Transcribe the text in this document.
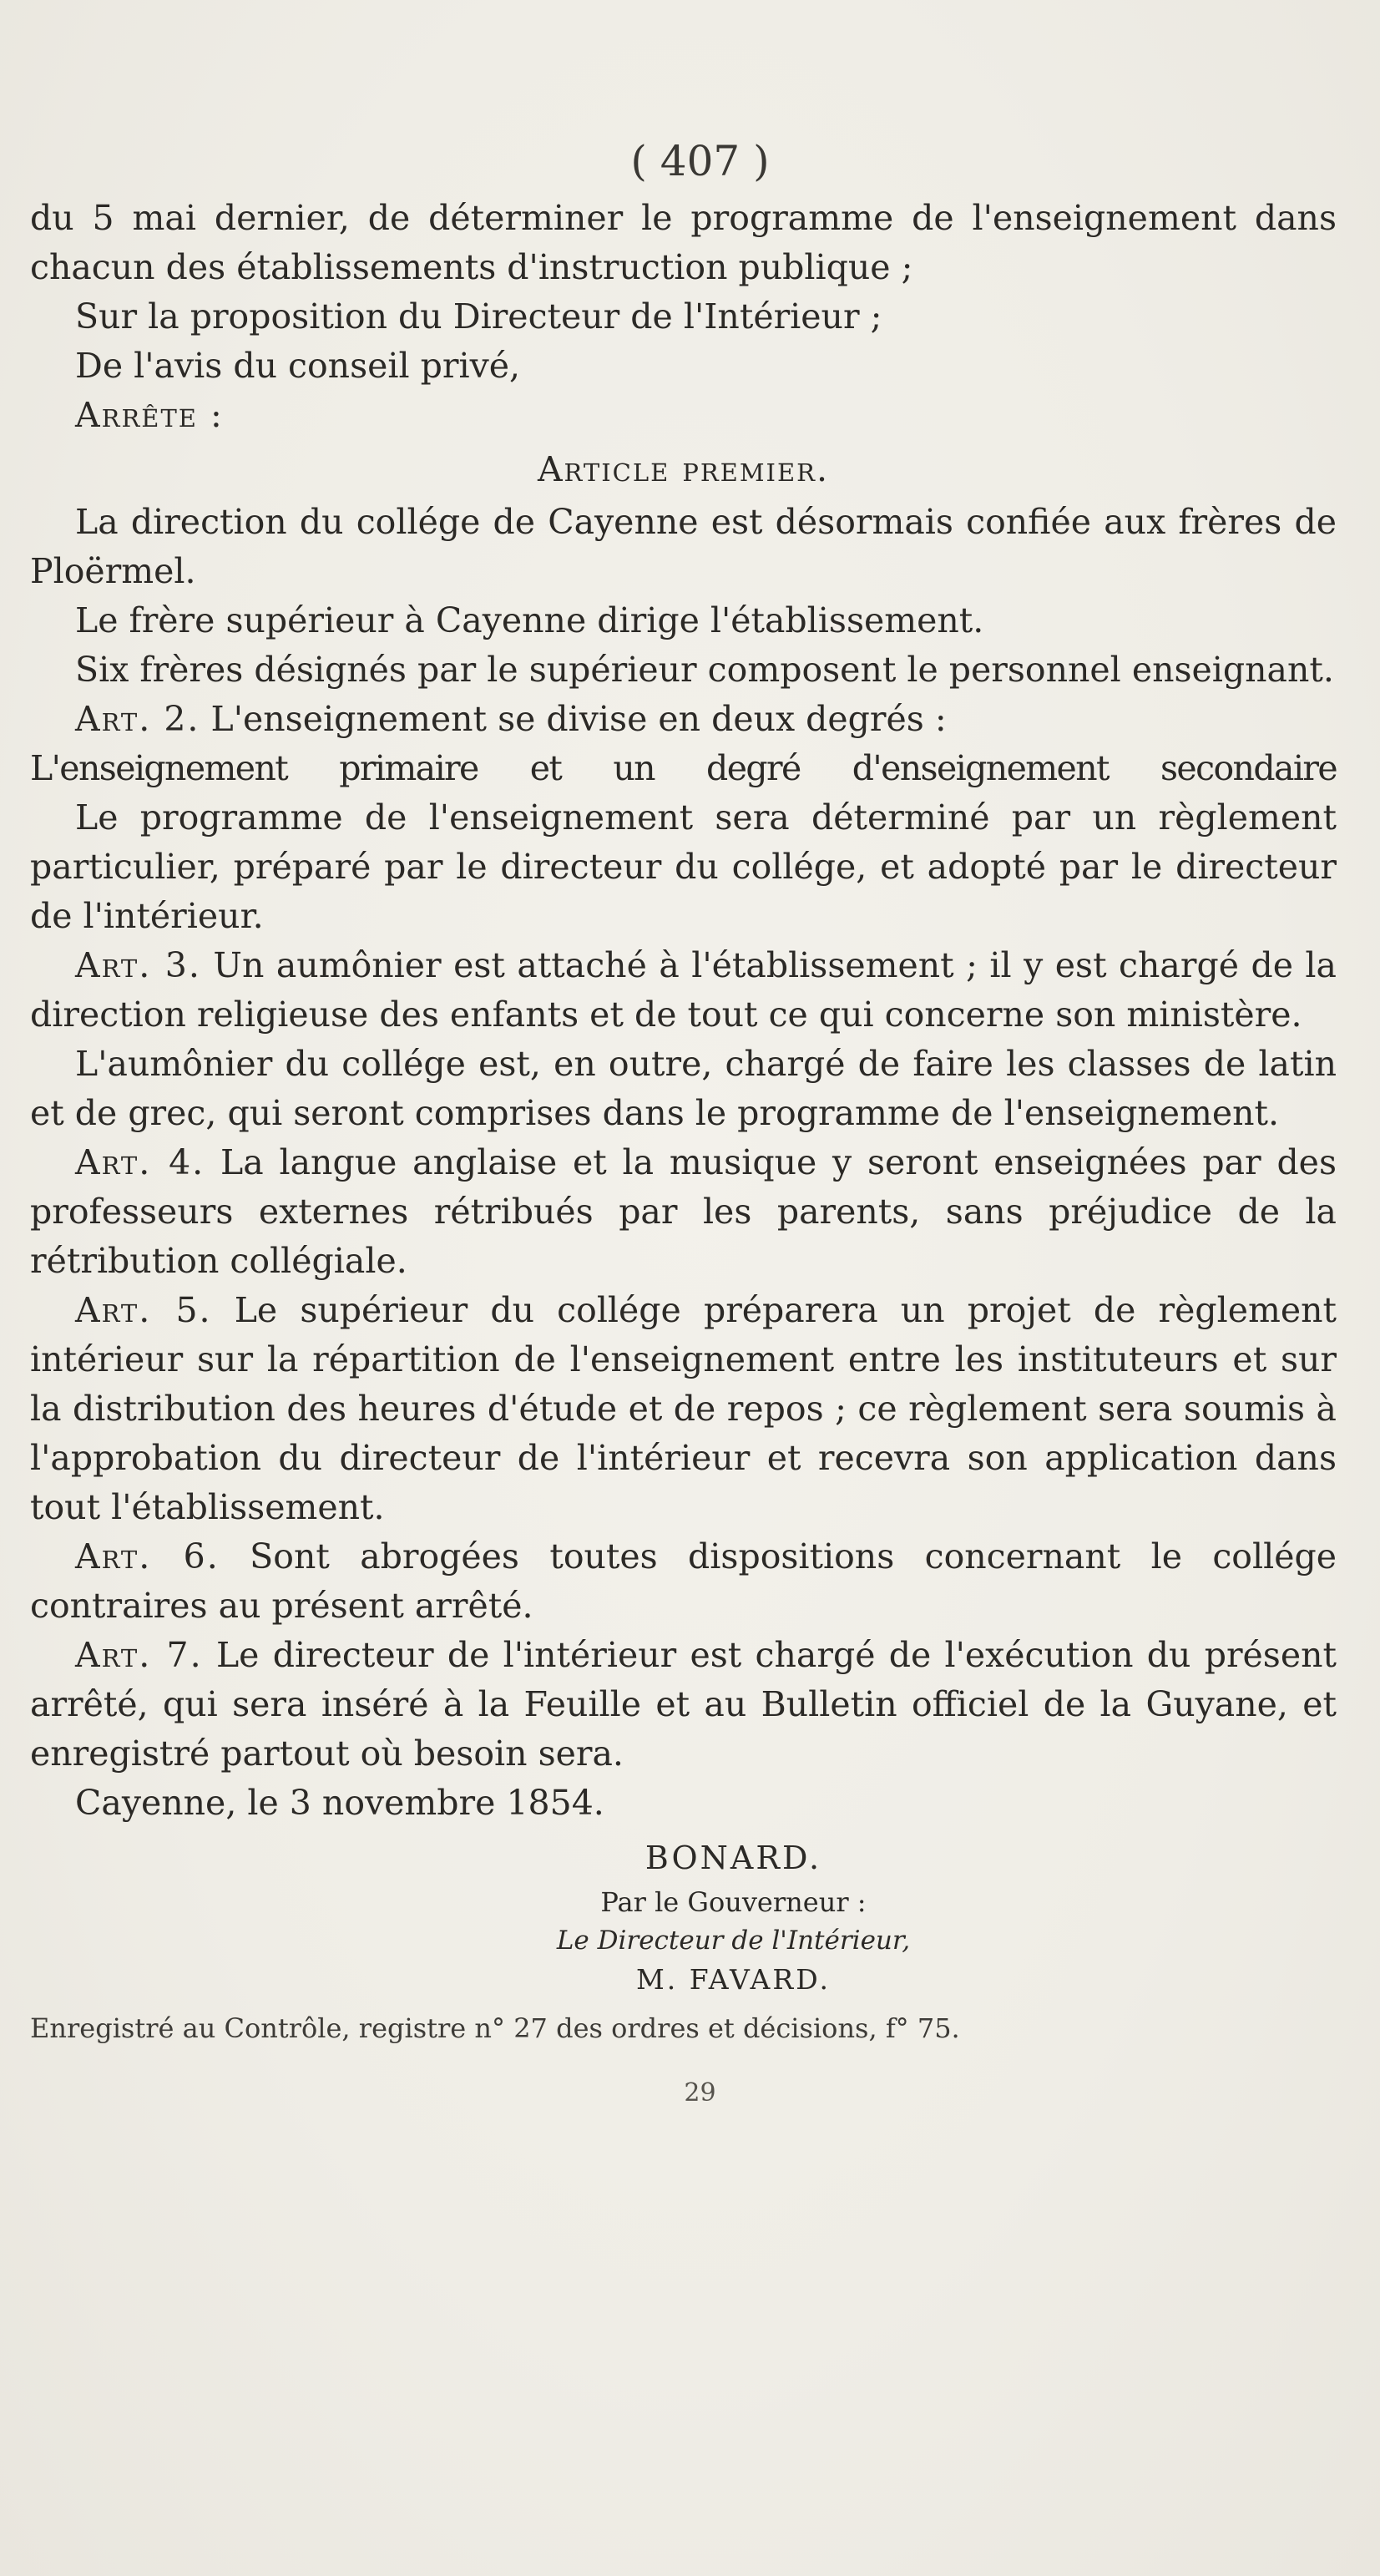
( 407 )

du 5 mai dernier, de déterminer le programme de l'enseignement dans chacun des établissements d'instruction publique ;

Sur la proposition du Directeur de l'Intérieur ;

De l'avis du conseil privé,

Arrête :

Article premier.

La direction du collége de Cayenne est désormais confiée aux frères de Ploërmel.

Le frère supérieur à Cayenne dirige l'établissement.

Six frères désignés par le supérieur composent le personnel enseignant.

Art. 2. L'enseignement se divise en deux degrés :

L'enseignement primaire et un degré d'enseignement secondaire

Le programme de l'enseignement sera déterminé par un règlement particulier, préparé par le directeur du collége, et adopté par le directeur de l'intérieur.

Art. 3. Un aumônier est attaché à l'établissement ; il y est chargé de la direction religieuse des enfants et de tout ce qui concerne son ministère.

L'aumônier du collége est, en outre, chargé de faire les classes de latin et de grec, qui seront comprises dans le programme de l'enseignement.

Art. 4. La langue anglaise et la musique y seront enseignées par des professeurs externes rétribués par les parents, sans préjudice de la rétribution collégiale.

Art. 5. Le supérieur du collége préparera un projet de règlement intérieur sur la répartition de l'enseignement entre les instituteurs et sur la distribution des heures d'étude et de repos ; ce règlement sera soumis à l'approbation du directeur de l'intérieur et recevra son application dans tout l'établissement.

Art. 6. Sont abrogées toutes dispositions concernant le collége contraires au présent arrêté.

Art. 7. Le directeur de l'intérieur est chargé de l'exécution du présent arrêté, qui sera inséré à la Feuille et au Bulletin officiel de la Guyane, et enregistré partout où besoin sera.

Cayenne, le 3 novembre 1854.

BONARD.
Par le Gouverneur :
Le Directeur de l'Intérieur,
M. FAVARD.
Enregistré au Contrôle, registre n° 27 des ordres et décisions, f° 75.
29
